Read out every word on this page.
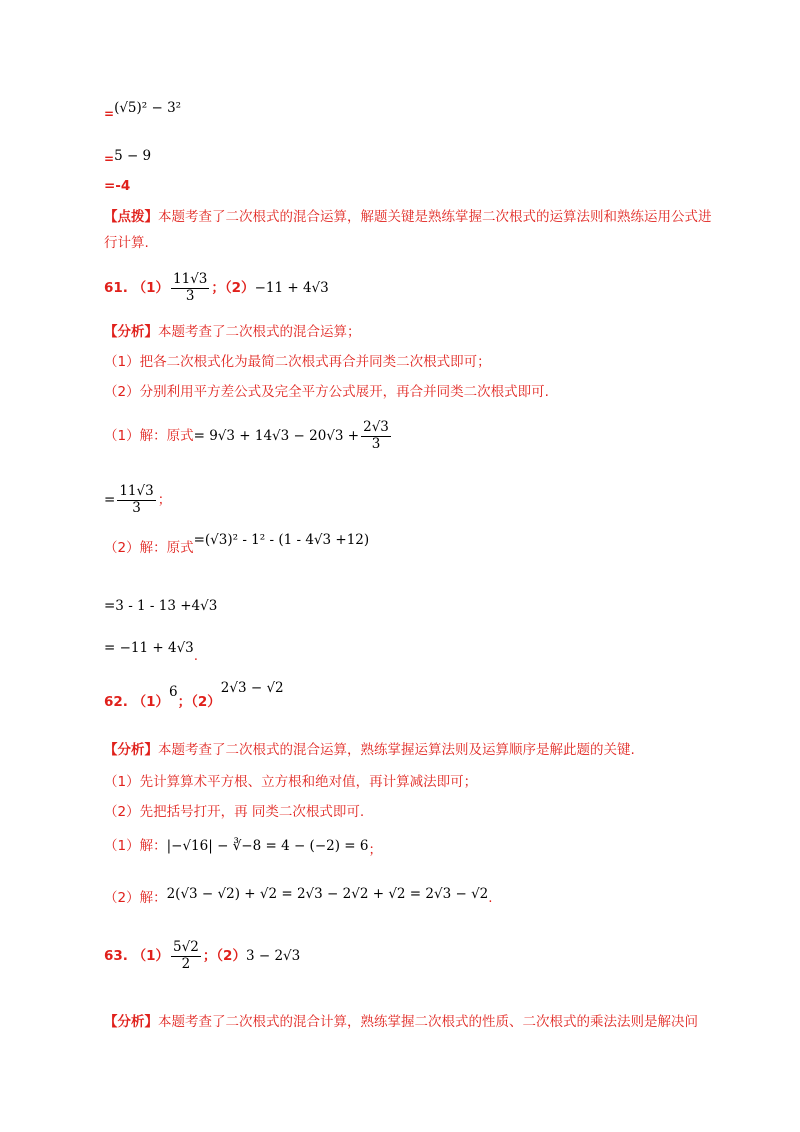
=(√5)² − 3²
=5 − 9
=-4
【点拨】本题考查了二次根式的混合运算，解题关键是熟练掌握二次根式的运算法则和熟练运用公式进行计算.
61. $(1) \frac{11√3}{3}$ ；（2）−11 + 4√3
【分析】本题考查了二次根式的混合运算；
（1）把各二次根式化为最简二次根式再合并同类二次根式即可；
（2）分别利用平方差公式及完全平方公式展开，再合并同类二次根式即可.
（1）解：原式= $9√3 + 14√3 - 20√3 + \frac{2√3}{3}$
= $\frac{11√3}{3}$ ；
（2）解：原式=(√3)² - 1² - (1 - 4√3 +12)
=3 - 1 - 13 +4√3
= −11 + 4√3.
62. （1）6；（2）2√3 − √2
【分析】本题考查了二次根式的混合运算，熟练掌握运算法则及运算顺序是解此题的关键.
（1）先计算算术平方根、立方根和绝对值，再计算减法即可；
（2）先把括号打开，再 同类二次根式即可.
（1）解：|−√16| − ∛−8 = 4 − (−2) = 6；
（2）解：2(√3 − √2) + √2 = 2√3 − 2√2 + √2 = 2√3 − √2.
63. $(1) \frac{5√2}{2}$ ；（2）3 − 2√3
【分析】本题考查了二次根式的混合计算，熟练掌握二次根式的性质、二次根式的乘法法则是解决问
